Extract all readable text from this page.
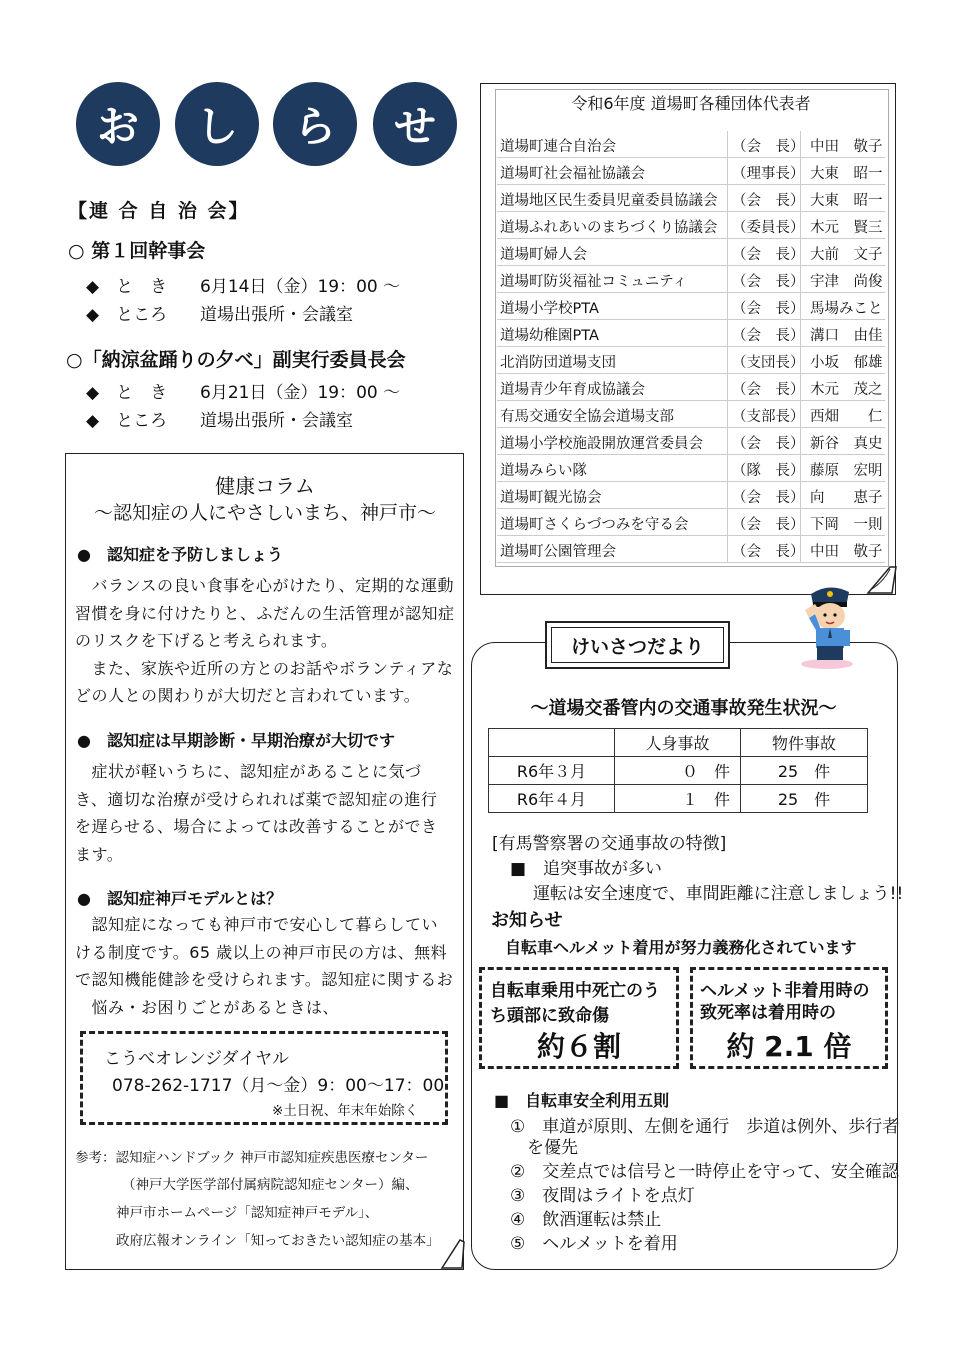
お	し	ら	せ
【連 合 自 治 会】
○ 第１回幹事会
◆　と　き 6月14日（金）19：00 ～
◆　ところ 道場出張所・会議室
○「納涼盆踊りの夕べ」副実行委員長会
◆　と　き 6月21日（金）19：00 ～
◆　ところ 道場出張所・会議室
令和6年度 道場町各種団体代表者
道場町連合自治会	（会　長） 中田　敬子
道場町社会福祉協議会	（理事長） 大東　昭一
道場地区民生委員児童委員協議会 （会　長） 大東　昭一
道場ふれあいのまちづくり協議会 （委員長） 木元　賢三
道場町婦人会	（会　長） 大前　文子
道場町防災福祉コミュニティ	（会　長） 宇津　尚俊
道場小学校PTA	（会　長） 馬場みこと
道場幼稚園PTA	（会　長） 溝口　由佳
北消防団道場支団	（支団長） 小坂　郁雄
道場青少年育成協議会	（会　長） 木元　茂之
有馬交通安全協会道場支部	（支部長） 西畑　　仁
道場小学校施設開放運営委員会 （会　長） 新谷　真史
道場みらい隊	（隊　長） 藤原　宏明
道場町観光協会	（会　長） 向　　恵子
道場町さくらづつみを守る会	（会　長） 下岡　一則
道場町公園管理会	（会　長） 中田　敬子
健康コラム
～認知症の人にやさしいまち、神戸市～
●　認知症を予防しましょう
　バランスの良い食事を心がけたり、定期的な運動
習慣を身に付けたりと、ふだんの生活管理が認知症
のリスクを下げると考えられます。
　また、家族や近所の方とのお話やボランティアな
どの人との関わりが大切だと言われています。
●　認知症は早期診断・早期治療が大切です
　症状が軽いうちに、認知症があることに気づ
き、適切な治療が受けられれば薬で認知症の進行
を遅らせる、場合によっては改善することができ
ます。
●　認知症神戸モデルとは？
　認知症になっても神戸市で安心して暮らしてい
ける制度です。65 歳以上の神戸市民の方は、無料
で認知機能健診を受けられます。認知症に関するお
　悩み・お困りごとがあるときは、
こうべオレンジダイヤル
078-262-1717（月～金）9：00～17：00
※土日祝、年末年始除く
参考：認知症ハンドブック 神戸市認知症疾患医療センター
（神戸大学医学部付属病院認知症センター）編、
神戸市ホームページ「認知症神戸モデル」、
政府広報オンライン「知っておきたい認知症の基本」
けいさつだより
～道場交番管内の交通事故発生状況～
	人身事故	物件事故
R6年３月	０　件	25　件
R6年４月	１　件	25　件
[有馬警察署の交通事故の特徴]
■　追突事故が多い
運転は安全速度で、車間距離に注意しましょう!!
お知らせ
自転車ヘルメット着用が努力義務化されています
自転車乗用中死亡のう
ち頭部に致命傷
約６割
ヘルメット非着用時の
致死率は着用時の
約 2.1 倍
■　自転車安全利用五則
①　車道が原則、左側を通行　歩道は例外、歩行者
　を優先
②　交差点では信号と一時停止を守って、安全確認
③　夜間はライトを点灯
④　飲酒運転は禁止
⑤　ヘルメットを着用
